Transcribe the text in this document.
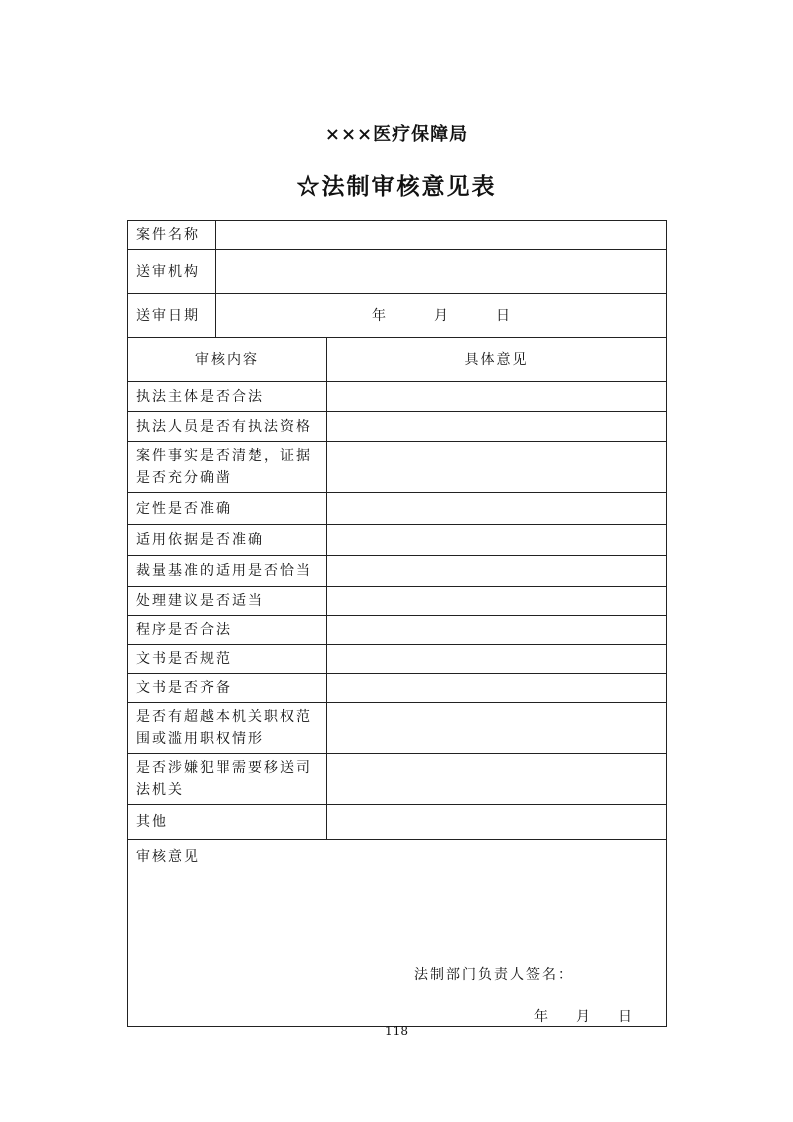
×××医疗保障局
☆法制审核意见表
案件名称		
送审机构		
送审日期	年 月 日	
审核内容		具体意见
执法主体是否合法		
执法人员是否有执法资格		
案件事实是否清楚，证据是否充分确凿		
定性是否准确		
适用依据是否准确		
裁量基准的适用是否恰当		
处理建议是否适当		
程序是否合法		
文书是否规范		
文书是否齐备		
是否有超越本机关职权范围或滥用职权情形		
是否涉嫌犯罪需要移送司法机关		
其他		

审核意见
法制部门负责人签名：
年 月 日		
118
